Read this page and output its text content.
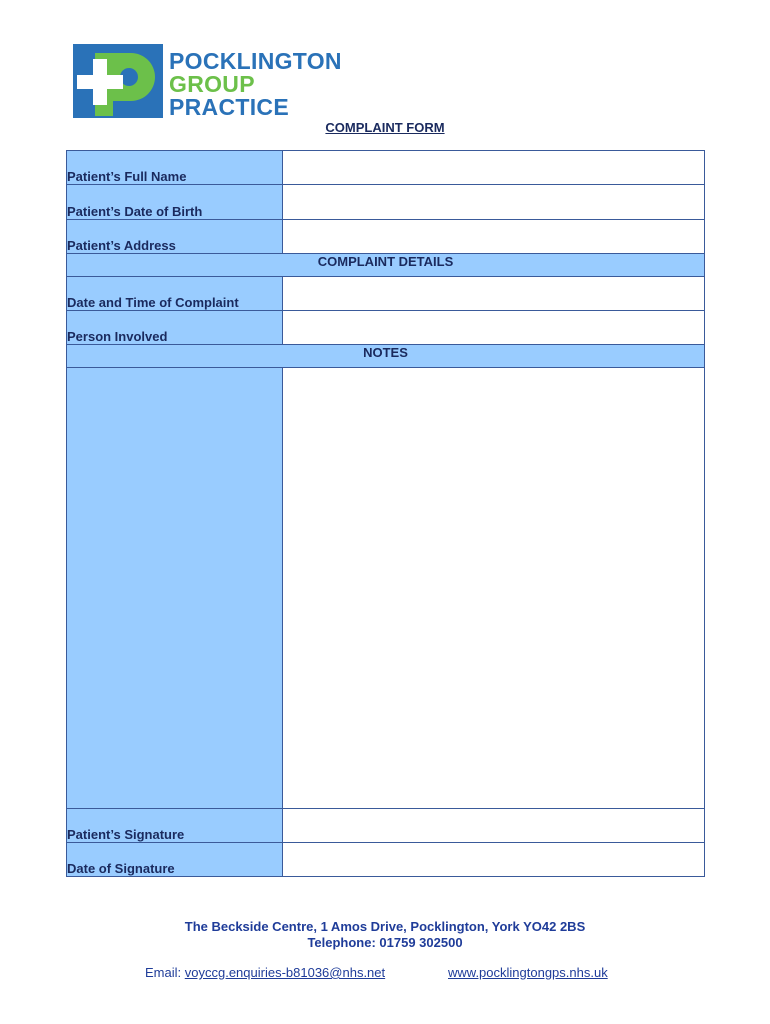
POCKLINGTON
GROUP
PRACTICE
COMPLAINT FORM
Patient’s Full Name	
Patient’s Date of Birth	
Patient’s Address	
COMPLAINT DETAILS	
Date and Time of Complaint	
Person Involved	
NOTES	

Patient’s Signature	
Date of Signature	
The Beckside Centre, 1 Amos Drive, Pocklington, York YO42 2BS
Telephone: 01759 302500
Email: voyccg.enquiries-b81036@nhs.net	www.pocklingtongps.nhs.uk
